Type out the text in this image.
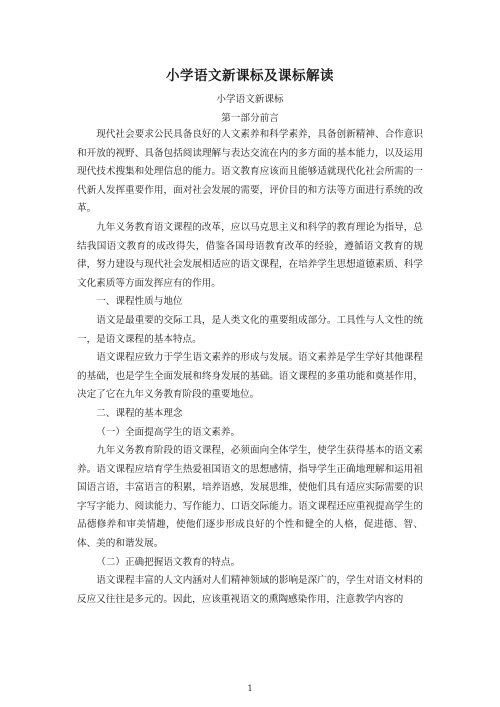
小学语文新课标及课标解读
小学语文新课标
第一部分前言

现代社会要求公民具备良好的人文素养和科学素养，具备创新精神、合作意识和开放的视野、具备包括阅读理解与表达交流在内的多方面的基本能力，以及运用现代技术搜集和处理信息的能力。语文教育应该而且能够适就现代化社会所需的一代新人发挥重要作用，面对社会发展的需要，评价目的和方法等方面进行系统的改革。

九年义务教育语文课程的改革，应以马克思主义和科学的教育理论为指导，总结我国语文教育的成改得失，借鉴各国母语教育改革的经验，遵循语文教育的规律，努力建设与现代社会发展相适应的语文课程，在培养学生思想道德素质、科学文化素质等方面发挥应有的作用。

一、课程性质与地位

语文是最重要的交际工具，是人类文化的重要组成部分。工具性与人文性的统一，是语文课程的基本特点。

语文课程应致力于学生语文素养的形成与发展。语文素养是学生学好其他课程的基础，也是学生全面发展和终身发展的基础。语文课程的多重功能和奠基作用，决定了它在九年义务教育阶段的重要地位。

二、课程的基本理念

（一）全面提高学生的语文素养。

九年义务教育阶段的语文课程，必须面向全体学生，使学生获得基本的语文素养。语文课程应培育学生热爱祖国语文的思想感情，指导学生正确地理解和运用祖国语言语，丰富语言的积累，培养语感，发展思维，使他们具有适应实际需要的识字写字能力、阅读能力、写作能力、口语交际能力。语文课程还应重视提高学生的品德修养和审美情趣，使他们逐步形成良好的个性和健全的人格，促进德、智、体、美的和谐发展。

（二）正确把握语文教育的特点。

语文课程丰富的人文内涵对人们精神领域的影响是深广的，学生对语文材料的反应又往往是多元的。因此，应该重视语文的熏陶感染作用，注意教学内容的

1
